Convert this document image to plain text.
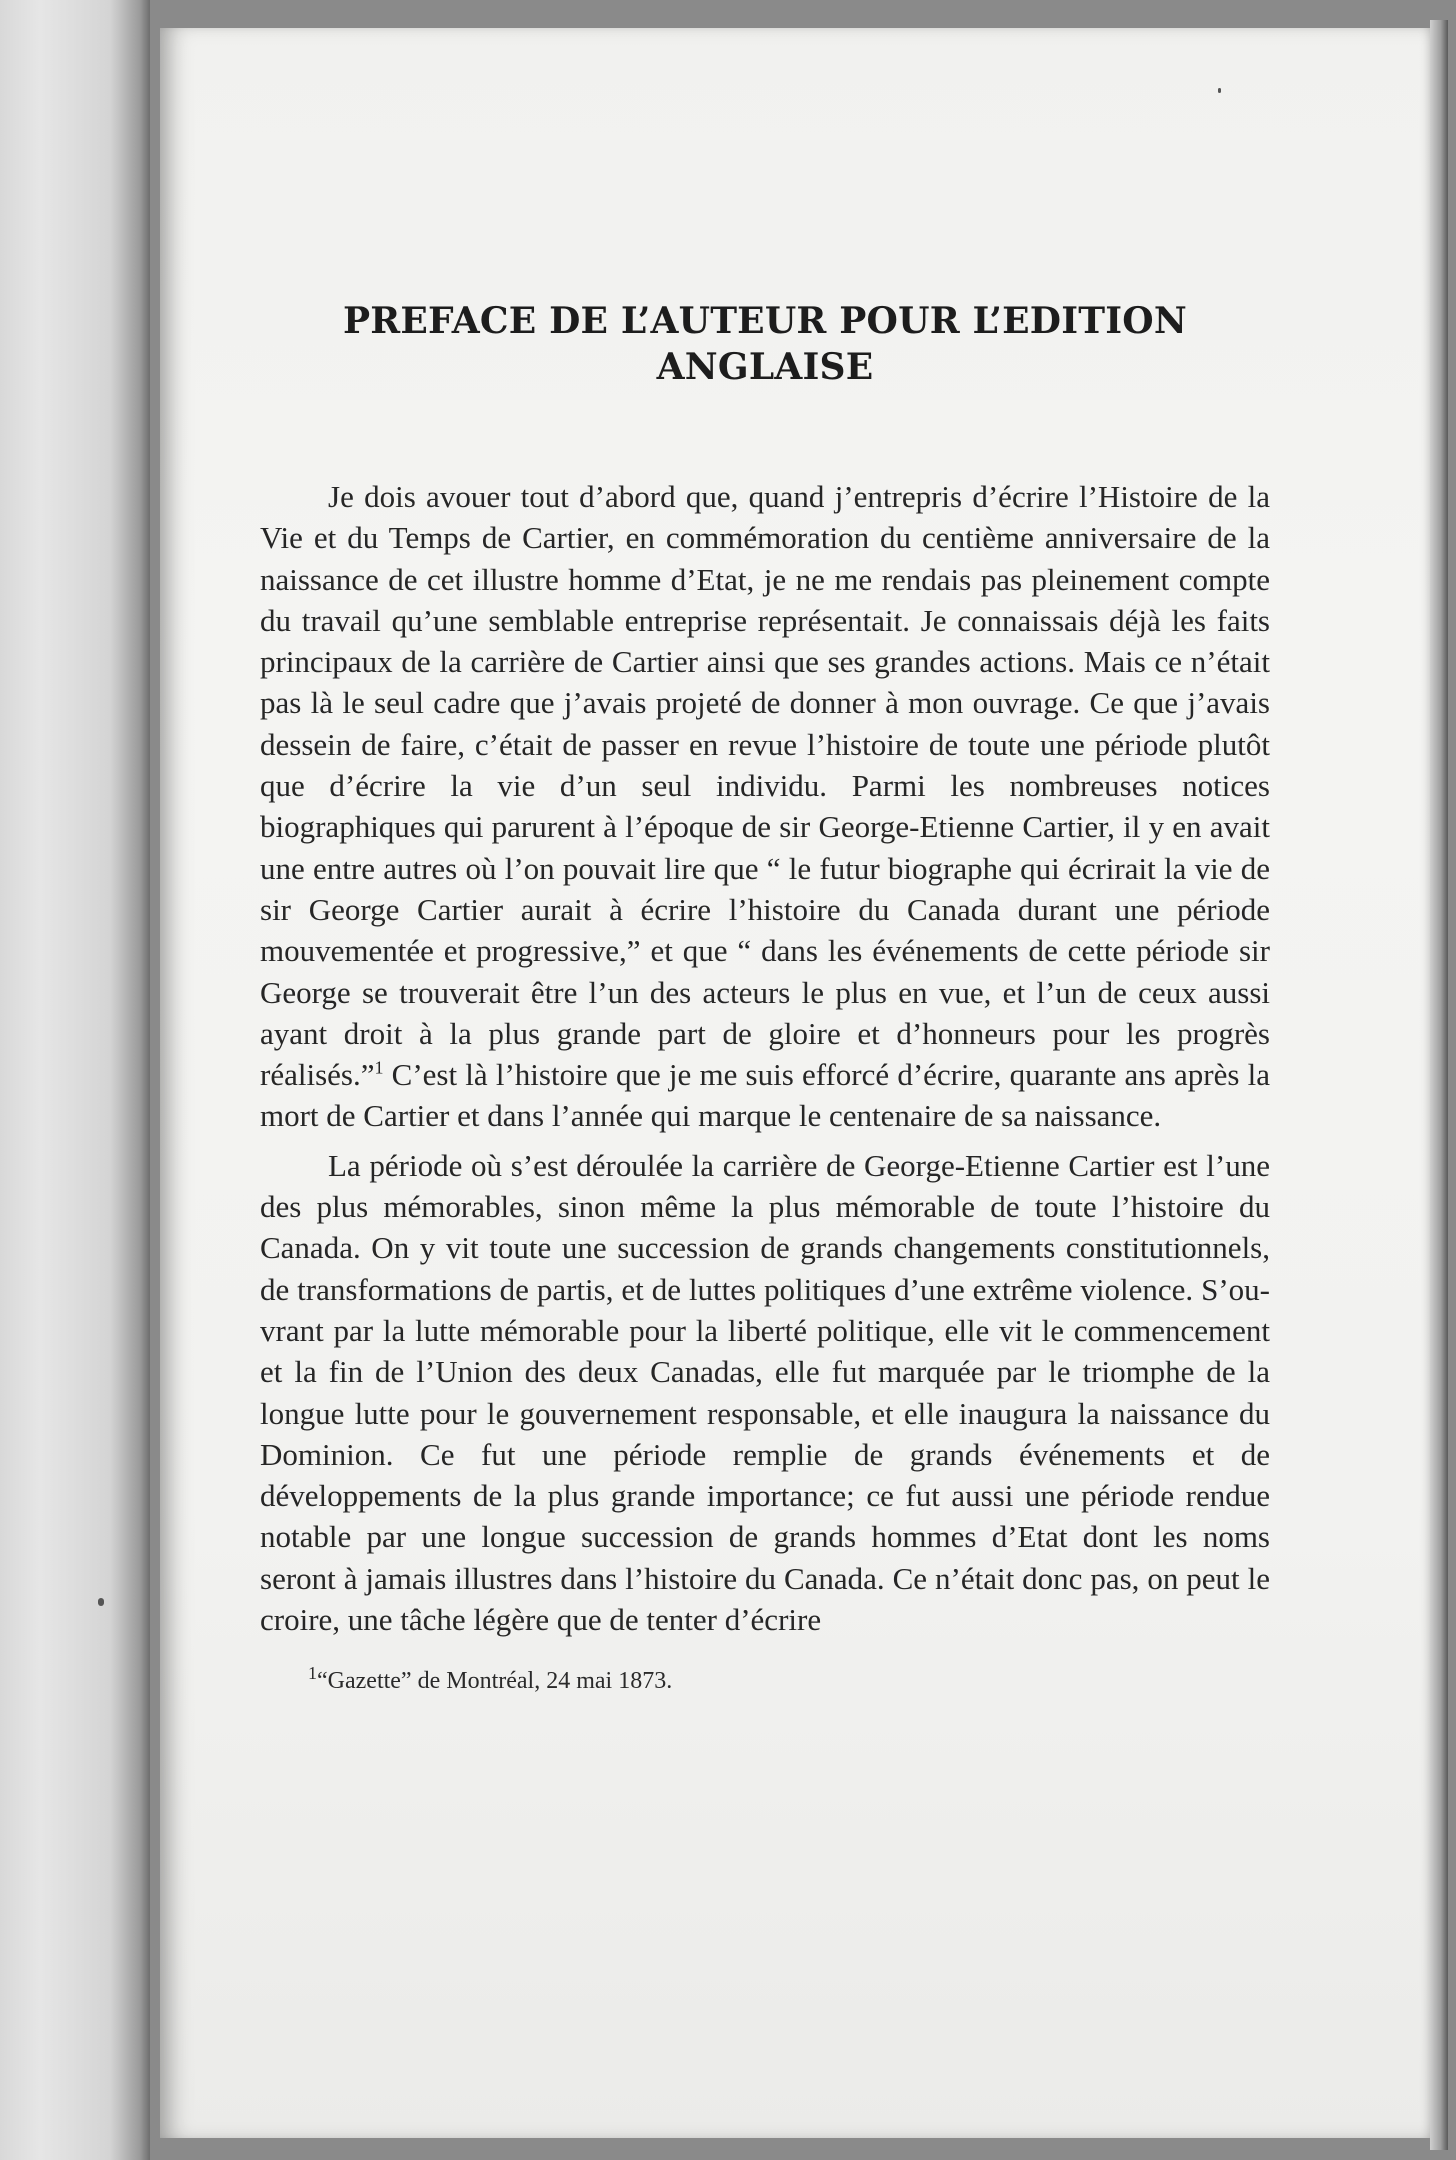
PREFACE DE L’AUTEUR POUR L’EDITION
ANGLAISE

Je dois avouer tout d’abord que, quand j’entrepris d’écrire l’Histoire de la Vie et du Temps de Cartier, en commémoration du centième anniversaire de la naissance de cet illustre homme d’Etat, je ne me rendais pas pleinement compte du travail qu’une semblable entreprise représentait. Je connaissais déjà les faits principaux de la carrière de Cartier ainsi que ses grandes actions. Mais ce n’était pas là le seul cadre que j’avais projeté de donner à mon ouvrage. Ce que j’avais dessein de faire, c’était de passer en revue l’histoire de toute une période plutôt que d’écrire la vie d’un seul individu. Parmi les nombreuses notices biographiques qui parurent à l’époque de sir George-Etienne Cartier, il y en avait une entre autres où l’on pouvait lire que “ le futur biographe qui écrirait la vie de sir George Cartier aurait à écrire l’histoire du Canada durant une période mouvementée et progressive,” et que “ dans les événements de cette période sir George se trouverait être l’un des acteurs le plus en vue, et l’un de ceux aussi ayant droit à la plus grande part de gloire et d’honneurs pour les progrès réalisés.”$^1$ C’est là l’histoire que je me suis efforcé d’écrire, quarante ans après la mort de Cartier et dans l’année qui marque le centenaire de sa naissance.

La période où s’est déroulée la carrière de George-Etienne Cartier est l’une des plus mémorables, sinon même la plus mémorable de toute l’histoire du Canada. On y vit toute une succession de grands changements constitutionnels, de transformations de partis, et de luttes politiques d’une extrême violence. S’ouvrant par la lutte mémorable pour la liberté politique, elle vit le commencement et la fin de l’Union des deux Canadas, elle fut marquée par le triomphe de la longue lutte pour le gouvernement responsable, et elle inaugura la naissance du Dominion. Ce fut une période remplie de grands événements et de développements de la plus grande importance; ce fut aussi une période rendue notable par une longue succession de grands hommes d’Etat dont les noms seront à jamais illustres dans l’histoire du Canada. Ce n’était donc pas, on peut le croire, une tâche légère que de tenter d’écrire

$^1$“Gazette” de Montréal, 24 mai 1873.
